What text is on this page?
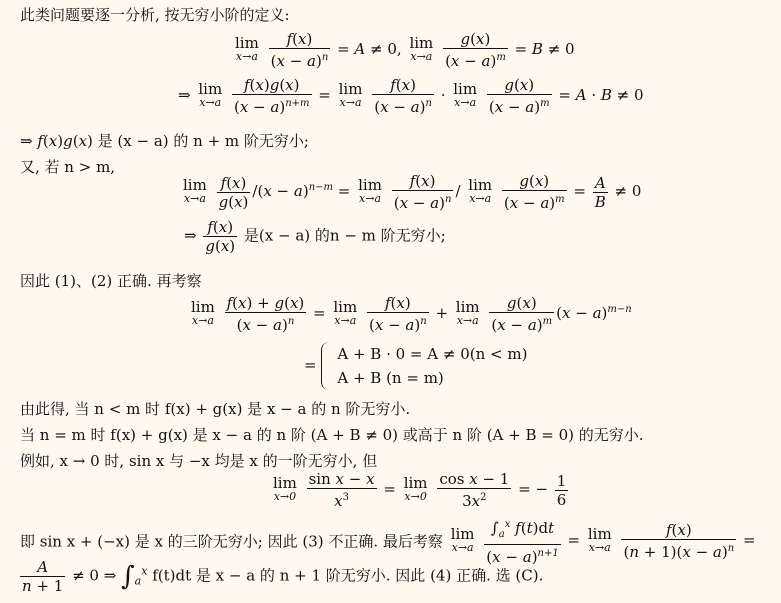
此类问题要逐一分析, 按无穷小阶的定义:
lim
x→a
$\frac{f(x)}{(x - a)^n} = A \ne 0$, lim
x→a
$\frac{g(x)}{(x - a)^m} = B \ne 0$
⇒ lim
x→a
$\frac{f(x)g(x)}{(x - a)^{n+m}} = \lim$
x→a
$\frac{f(x)}{(x - a)^n} \cdot \lim$
x→a
$\frac{g(x)}{(x - a)^m} = A \cdot B \ne 0$
⇒ f(x)g(x) 是 (x − a) 的 n + m 阶无穷小;
又, 若 n > m,
lim
x→a
$\frac{f(x)}{g(x)} /(x - a)^{n-m} = \lim$
x→a
$\frac{f(x)}{(x - a)^n}$ / lim
x→a
$\frac{g(x)}{(x - a)^m} = \frac{A}{B} \ne 0$
⇒ $\frac{f(x)}{g(x)}$ 是(x − a) 的n − m 阶无穷小;
因此 (1)、(2) 正确. 再考察
lim
x→a
$\frac{f(x) + g(x)}{(x - a)^n} = \lim$
x→a
$\frac{f(x)}{(x - a)^n} + \lim$
x→a
$\frac{g(x)}{(x - a)^m} (x - a)^{m-n}$
=
A + B · 0 = A ≠ 0(n < m)
A + B (n = m)
由此得, 当 n < m 时 f(x) + g(x) 是 x − a 的 n 阶无穷小.
当 n = m 时 f(x) + g(x) 是 x − a 的 n 阶 (A + B ≠ 0) 或高于 n 阶 (A + B = 0) 的无穷小.
例如, x → 0 时, sin x 与 −x 均是 x 的一阶无穷小, 但
lim
x→0
$\frac{\text{sin x − x}}{x^3} = \lim$
x→0
$\frac{\text{cos x − 1}}{3x^2}$ = − $\frac{1}{6}$
即 sin x + (−x) 是 x 的三阶无穷小; 因此 (3) 不正确. 最后考察 lim
x→a
$\frac{\int_a^x f(t)dt}{(x - a)^{n+1}} = \lim$
x→a
$\frac{f(x)}{(n + 1)(x - a)^n}$ =
$\frac{A}{n + 1} \ne 0$ ⇒ $\int_a^x$ f(t)dt 是 x − a 的 n + 1 阶无穷小. 因此 (4) 正确. 选 (C).
